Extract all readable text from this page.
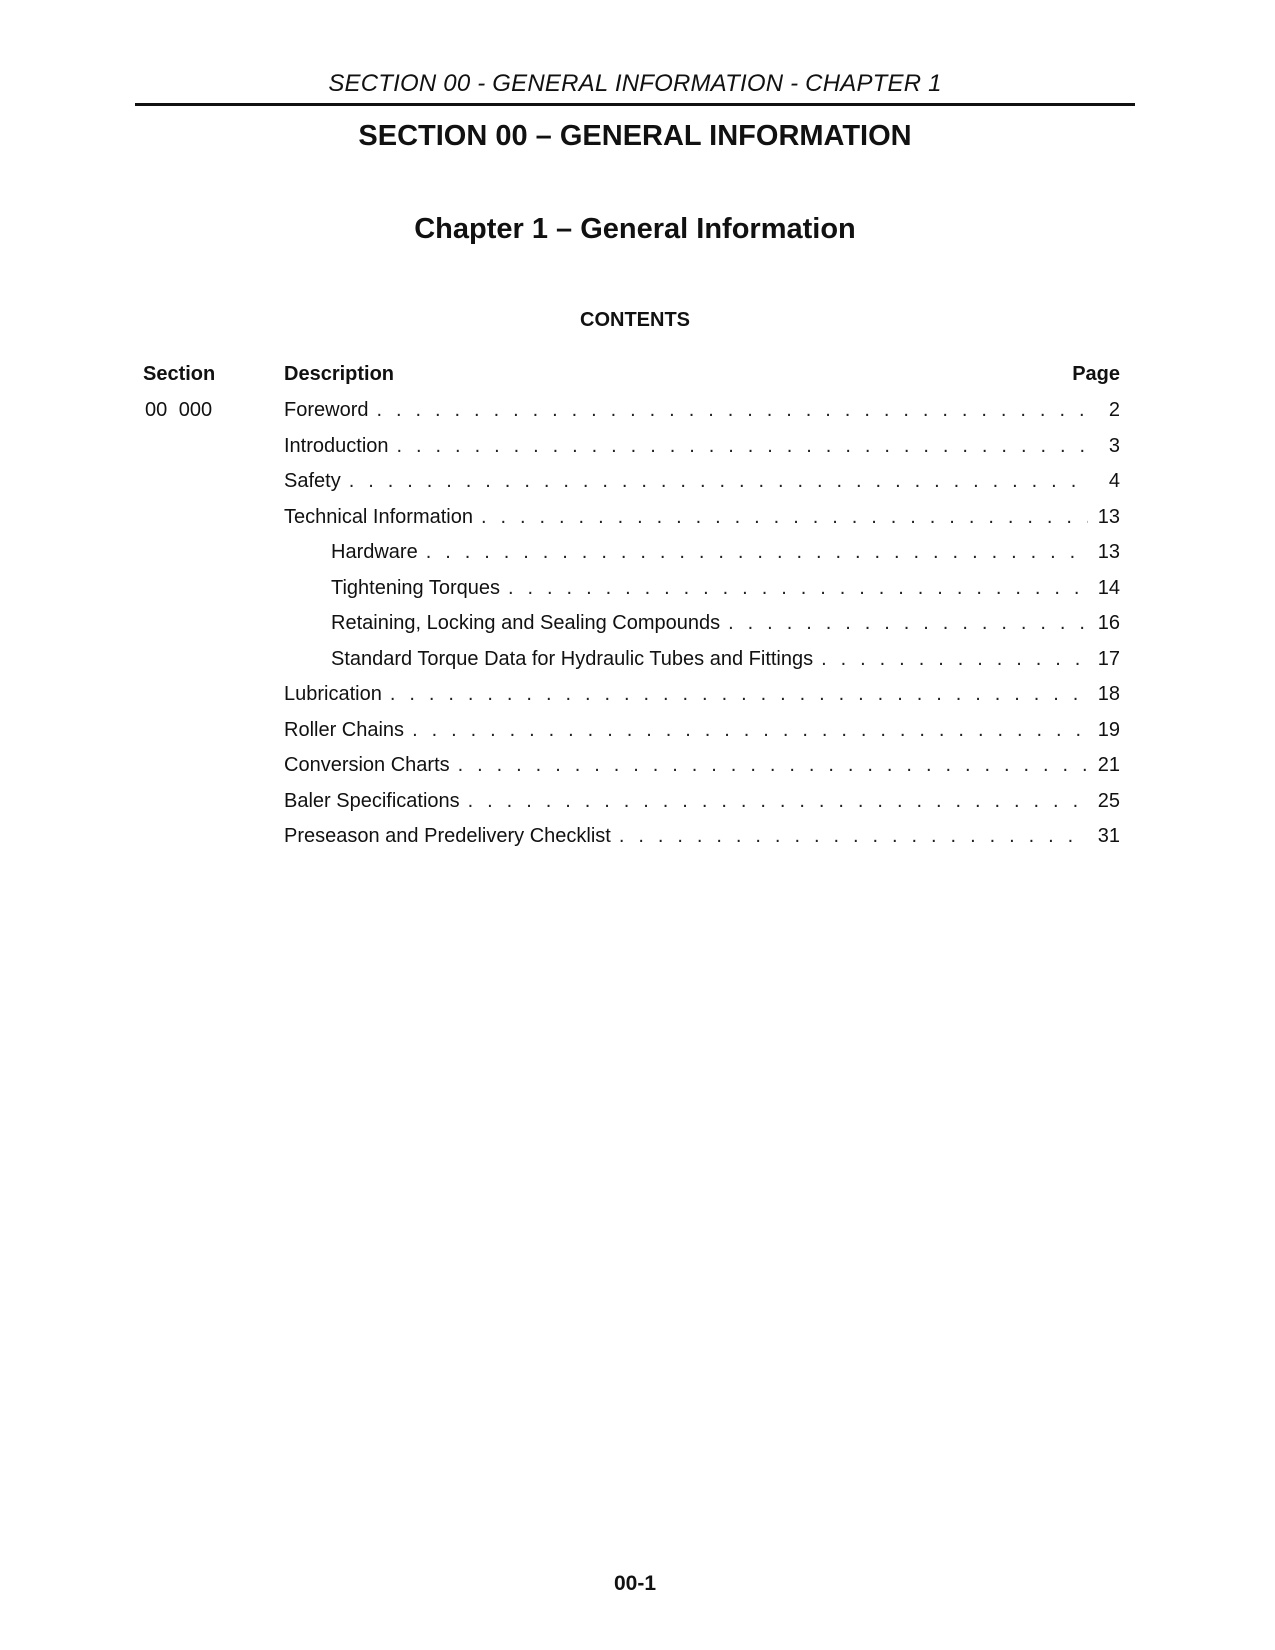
SECTION 00 - GENERAL INFORMATION - CHAPTER 1
SECTION 00 – GENERAL INFORMATION
Chapter 1 – General Information
CONTENTS
Section	Description	Page
00 000	Foreword . . .	2
Introduction . . .	3
Safety . . .	4
Technical Information . . .	13
Hardware . . .	13
Tightening Torques . . .	14
Retaining, Locking and Sealing Compounds . . .	16
Standard Torque Data for Hydraulic Tubes and Fittings . . .	17
Lubrication . . .	18
Roller Chains . . .	19
Conversion Charts . . .	21
Baler Specifications . . .	25
Preseason and Predelivery Checklist . . .	31
00-1
